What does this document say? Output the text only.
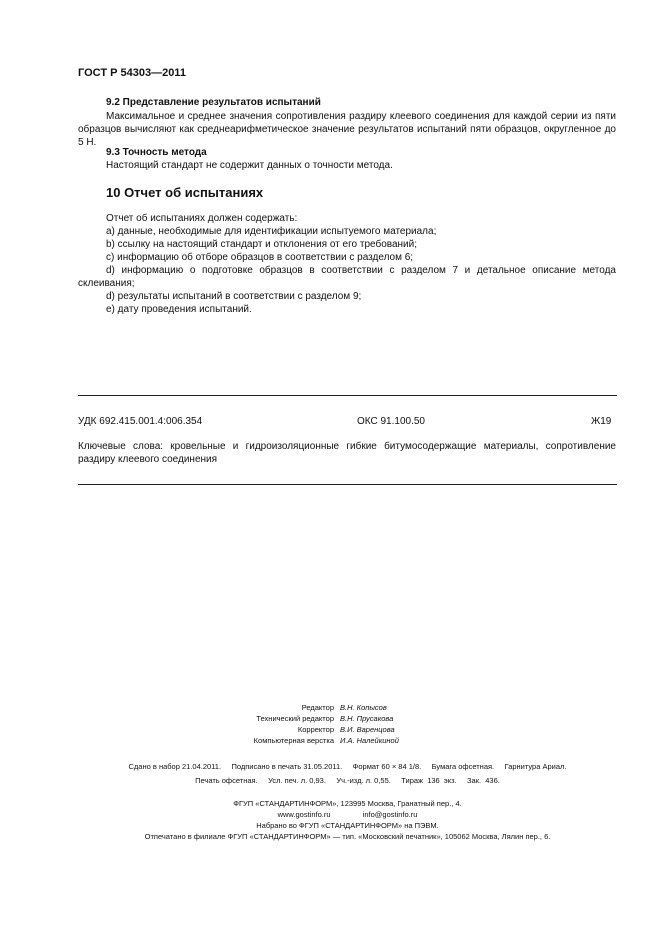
ГОСТ Р 54303—2011
9.2 Представление результатов испытаний

Максимальное и среднее значения сопротивления раздиру клеевого соединения для каждой серии из пяти образцов вычисляют как среднеарифметическое значение результатов испытаний пяти образцов, округленное до 5 Н.

9.3 Точность метода
Настоящий стандарт не содержит данных о точности метода.
10 Отчет об испытаниях
Отчет об испытаниях должен содержать:
a) данные, необходимые для идентификации испытуемого материала;
b) ссылку на настоящий стандарт и отклонения от его требований;
c) информацию об отборе образцов в соответствии с разделом 6;
d) информацию о подготовке образцов в соответствии с разделом 7 и детальное описание метода склеивания;
d) результаты испытаний в соответствии с разделом 9;
e) дату проведения испытаний.
УДК 692.415.001.4:006.354	ОКС 91.100.50	Ж19
Ключевые слова: кровельные и гидроизоляционные гибкие битумосодержащие материалы, сопротивление раздиру клеевого соединения
Редактор В.Н. Копысов
Технический редактор В.Н. Прусакова
Корректор В.И. Варенцова
Компьютерная верстка И.А. Налейкиной
Сдано в набор 21.04.2011.     Подписано в печать 31.05.2011.     Формат 60 × 84 1/8.     Бумага офсетная.     Гарнитура Ариал.
Печать офсетная.     Усл. печ. л. 0,93.     Уч.-изд. л. 0,55.     Тираж  136  экз.     Зак.  436.
ФГУП «СТАНДАРТИНФОРМ», 123995 Москва, Гранатный пер., 4.
www.gostinfo.ru	info@gostinfo.ru
Набрано во ФГУП «СТАНДАРТИНФОРМ» на ПЭВМ.
Отпечатано в филиале ФГУП «СТАНДАРТИНФОРМ» — тип. «Московский печатник», 105062 Москва, Лялин пер., 6.
